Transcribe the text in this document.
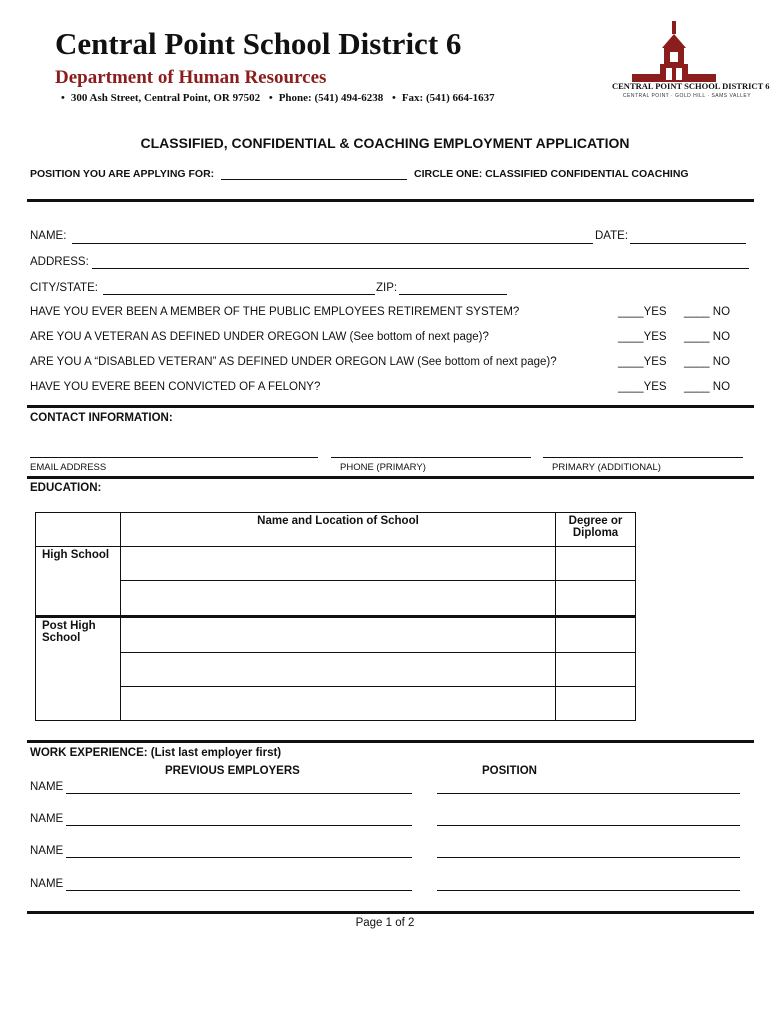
Central Point School District 6
Department of Human Resources
• 300 Ash Street, Central Point, OR 97502 • Phone: (541) 494-6238 • Fax: (541) 664-1637
CENTRAL POINT SCHOOL DISTRICT 6
CENTRAL POINT · GOLD HILL · SAMS VALLEY
CLASSIFIED, CONFIDENTIAL & COACHING EMPLOYMENT APPLICATION
POSITION YOU ARE APPLYING FOR:	CIRCLE ONE: CLASSIFIED CONFIDENTIAL COACHING
NAME:	DATE:
ADDRESS:
CITY/STATE:	ZIP:
HAVE YOU EVER BEEN A MEMBER OF THE PUBLIC EMPLOYEES RETIREMENT SYSTEM?	____YES ____ NO
ARE YOU A VETERAN AS DEFINED UNDER OREGON LAW (See bottom of next page)?	____YES ____ NO
ARE YOU A “DISABLED VETERAN” AS DEFINED UNDER OREGON LAW (See bottom of next page)?	____YES ____ NO
HAVE YOU EVERE BEEN CONVICTED OF A FELONY?	____YES ____ NO
CONTACT INFORMATION:
EMAIL ADDRESS	PHONE (PRIMARY)	PRIMARY (ADDITIONAL)
EDUCATION:
	Name and Location of School	Degree or Diploma
High School		

Post High School		

WORK EXPERIENCE: (List last employer first)
PREVIOUS EMPLOYERS	POSITION
NAME
NAME
NAME
NAME
Page 1 of 2
